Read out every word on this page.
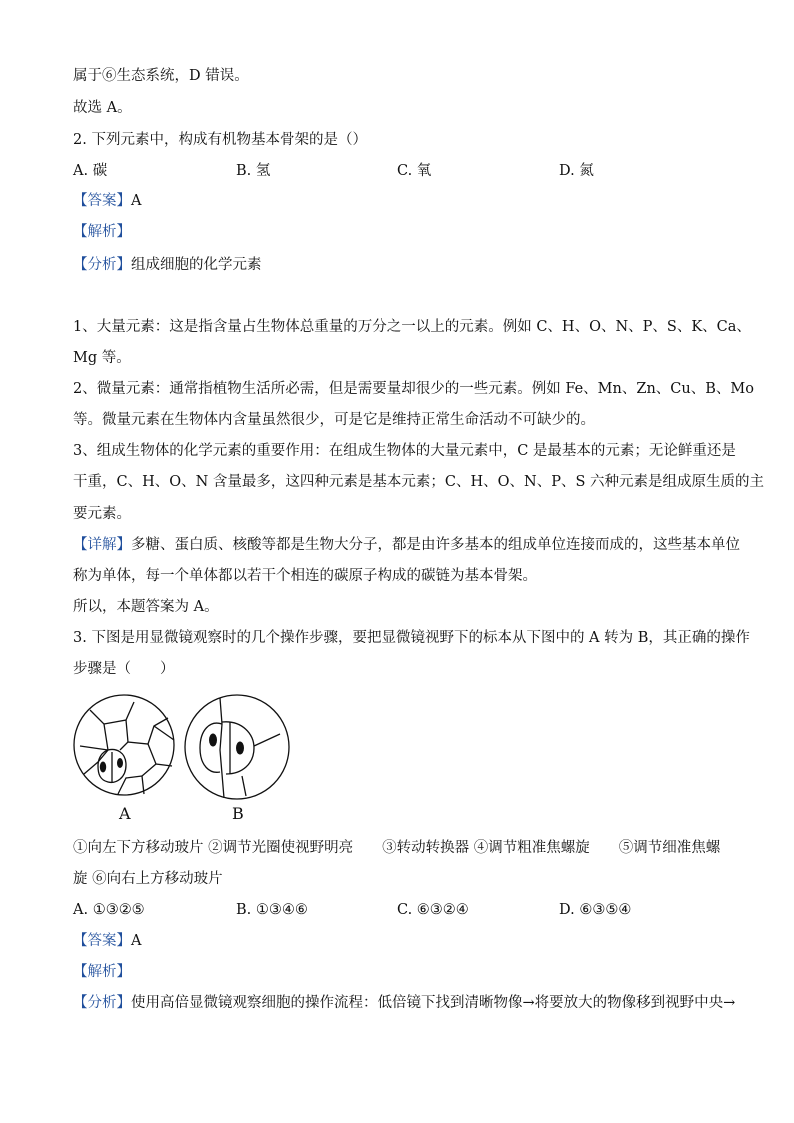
属于⑥生态系统，D 错误。
故选 A。
2. 下列元素中，构成有机物基本骨架的是（）
A. 碳	B. 氢	C. 氧	D. 氮
【答案】A
【解析】
【分析】组成细胞的化学元素
1、大量元素：这是指含量占生物体总重量的万分之一以上的元素。例如 C、H、O、N、P、S、K、Ca、
Mg 等。
2、微量元素：通常指植物生活所必需，但是需要量却很少的一些元素。例如 Fe、Mn、Zn、Cu、B、Mo
等。微量元素在生物体内含量虽然很少，可是它是维持正常生命活动不可缺少的。
3、组成生物体的化学元素的重要作用：在组成生物体的大量元素中，C 是最基本的元素；无论鲜重还是
干重，C、H、O、N 含量最多，这四种元素是基本元素；C、H、O、N、P、S 六种元素是组成原生质的主
要元素。
【详解】多糖、蛋白质、核酸等都是生物大分子，都是由许多基本的组成单位连接而成的，这些基本单位
称为单体，每一个单体都以若干个相连的碳原子构成的碳链为基本骨架。
所以，本题答案为 A。
3. 下图是用显微镜观察时的几个操作步骤，要把显微镜视野下的标本从下图中的 A 转为 B，其正确的操作
步骤是（　　）
A	B
①向左下方移动玻片 ②调节光圈使视野明亮　　③转动转换器 ④调节粗准焦螺旋　　⑤调节细准焦螺
旋 ⑥向右上方移动玻片
A. ①③②⑤	B. ①③④⑥	C. ⑥③②④	D. ⑥③⑤④
【答案】A
【解析】
【分析】使用高倍显微镜观察细胞的操作流程：低倍镜下找到清晰物像→将要放大的物像移到视野中央→
